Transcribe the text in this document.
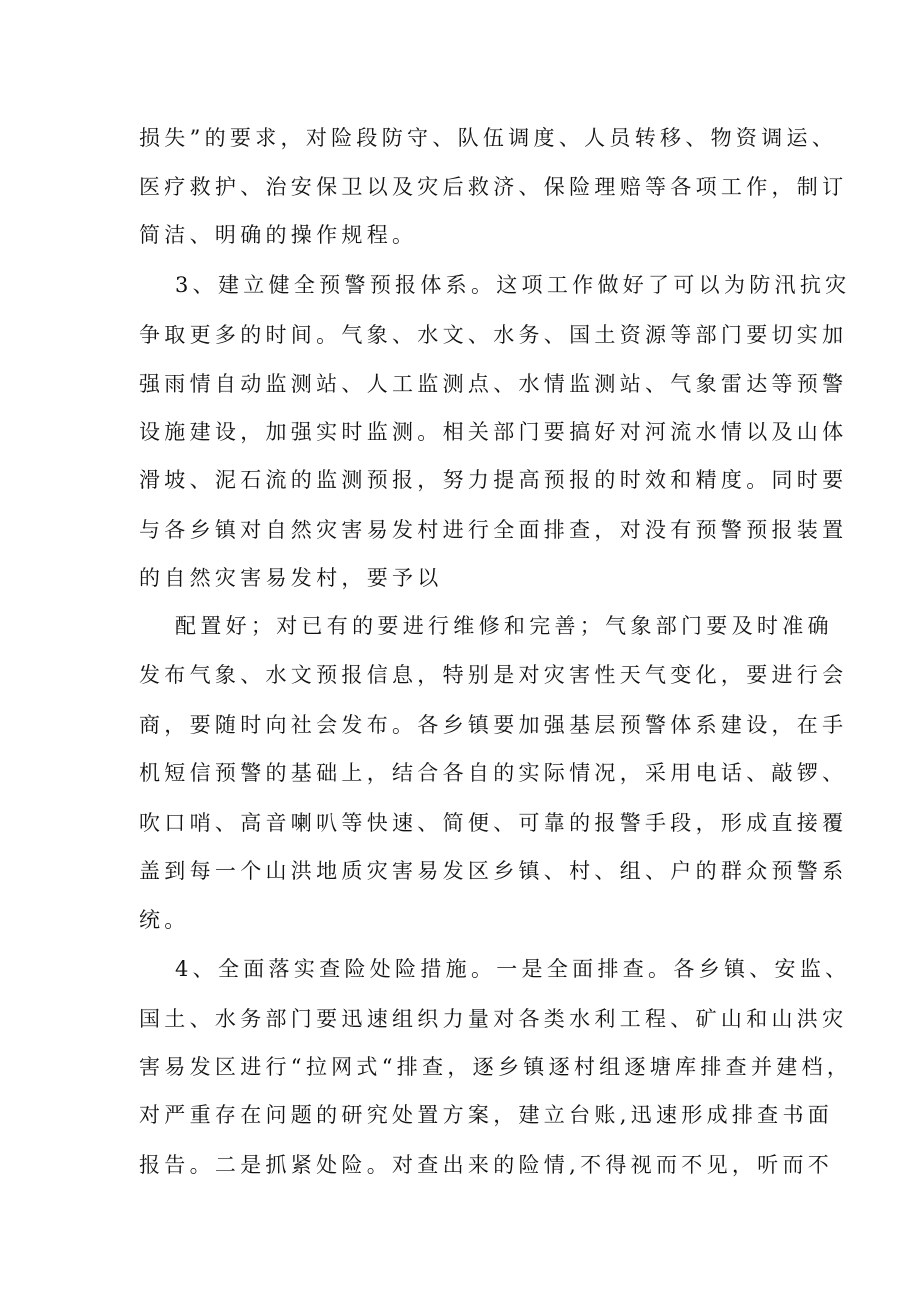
损失”的要求，对险段防守、队伍调度、人员转移、物资调运、
医疗救护、治安保卫以及灾后救济、保险理赔等各项工作，制订
简洁、明确的操作规程。
3、建立健全预警预报体系。这项工作做好了可以为防汛抗灾
争取更多的时间。气象、水文、水务、国土资源等部门要切实加
强雨情自动监测站、人工监测点、水情监测站、气象雷达等预警
设施建设，加强实时监测。相关部门要搞好对河流水情以及山体
滑坡、泥石流的监测预报，努力提高预报的时效和精度。同时要
与各乡镇对自然灾害易发村进行全面排查，对没有预警预报装置
的自然灾害易发村，要予以
配置好；对已有的要进行维修和完善；气象部门要及时准确
发布气象、水文预报信息，特别是对灾害性天气变化，要进行会
商，要随时向社会发布。各乡镇要加强基层预警体系建设，在手
机短信预警的基础上，结合各自的实际情况，采用电话、敲锣、
吹口哨、高音喇叭等快速、简便、可靠的报警手段，形成直接覆
盖到每一个山洪地质灾害易发区乡镇、村、组、户的群众预警系
统。
4、全面落实查险处险措施。一是全面排查。各乡镇、安监、
国土、水务部门要迅速组织力量对各类水利工程、矿山和山洪灾
害易发区进行“拉网式“排查，逐乡镇逐村组逐塘库排查并建档，
对严重存在问题的研究处置方案，建立台账,迅速形成排查书面
报告。二是抓紧处险。对查出来的险情,不得视而不见，听而不
